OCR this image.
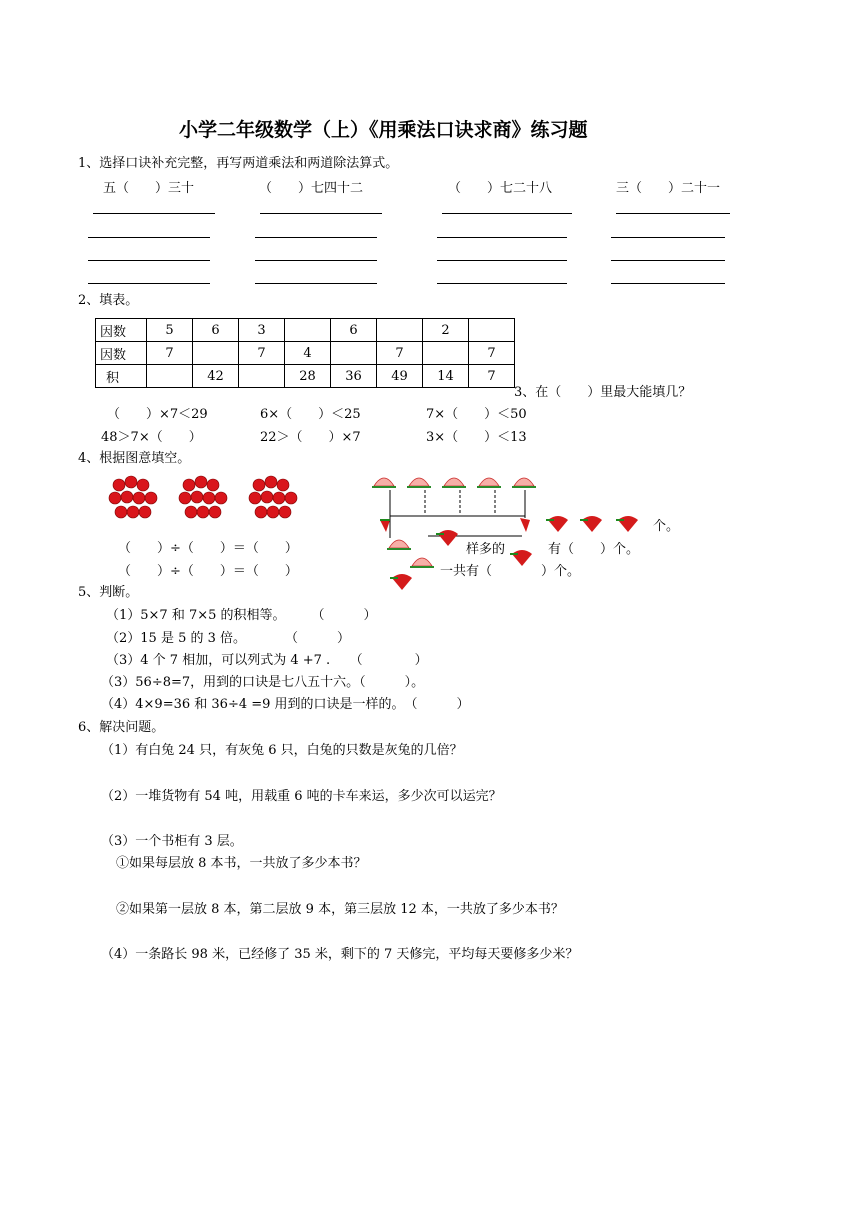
小学二年级数学（上）《用乘法口诀求商》练习题
1、选择口诀补充完整，再写两道乘法和两道除法算式。
五（　　）三十	（　　）七四十二	（　　）七二十八	三（　　）二十一
2、填表。
因数	5	6	3		6		2	
因数	7		7	4		7		7
积		42		28	36	49	14	7
3、在（　　）里最大能填几？
（　　）×7＜29	6×（　　）＜25	7×（　　）＜50
48＞7×（　　）	22＞（　　）×7	3×（　　）＜13
4、根据图意填空。
（　　）÷（　　）＝（　　）
（　　）÷（　　）＝（　　）
个。
样多的	有（　　）个。
一共有（	）个。
5、判断。
（1）5×7 和 7×5 的积相等。　　　（　　　）
（2）15 是 5 的 3 倍。　　　　（　　　）
（3）4 个 7 相加，可以列式为 4 +7 .　　（　　　　）
（3）56÷8=7，用到的口诀是七八五十六。（　　　）。
（4）4×9=36 和 36÷4 =9 用到的口诀是一样的。　（　　　）
6、解决问题。
（1）有白兔 24 只，有灰兔 6 只，白兔的只数是灰兔的几倍？
（2）一堆货物有 54 吨，用载重 6 吨的卡车来运，多少次可以运完？
（3）一个书柜有 3 层。
①如果每层放 8 本书，一共放了多少本书？
②如果第一层放 8 本，第二层放 9 本，第三层放 12 本，一共放了多少本书？
（4）一条路长 98 米，已经修了 35 米，剩下的 7 天修完，平均每天要修多少米？
